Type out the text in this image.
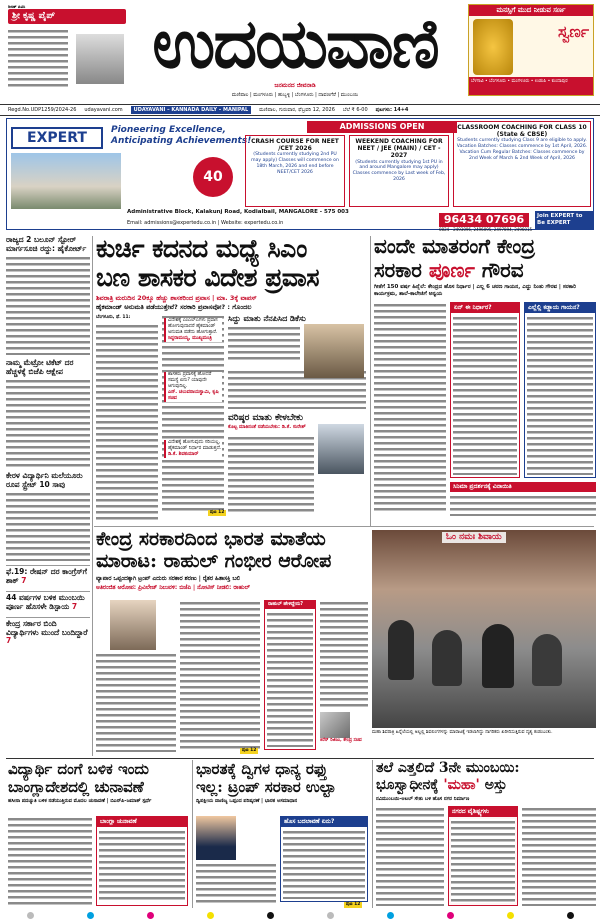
ರಿಜಿಡ್ ಪಿವಿಸಿ
ಶ್ರೀ ಕೃಷ್ಣ ಪೈಪ್	ಉದಯವಾಣಿ
ಜನಮನದ ಜೀವನಾಡಿ
ಮಣಿಪಾಲ | ಮಂಗಳೂರು | ಹುಬ್ಬಳ್ಳಿ | ಬೆಂಗಳೂರು | ದಾವಣಗೆರೆ | ಮುಂಬಯಿ
ಮನಸ್ಸಿಗೆ ಮುದ ನೀಡುವ ಸರ್ಣ
ಸ್ವರ್ಣ
ಬೆಳಗಾವಿ • ಬೆಂಗಳೂರು • ಮಂಗಳೂರು • ಉಡುಪಿ • ಕುಂದಾಪುರ
Regd.No.UDP1259/2024-26 udayavani.com	UDAYAVANI – KANNADA DAILY – MANIPAL	ಮಣಿಪಾಲ, ಗುರುವಾರ, ಫೆಬ್ರವರಿ 12, 2026 ಬೆಲೆ ₹ 6-00 ಪುಟಗಳು: 14+4
ADMISSIONS OPEN
EXPERT	Pioneering Excellence, Anticipating Achievements!
40
CRASH COURSE FOR NEET /CET 2026
(Students currently studying 2nd PU may apply) Classes will commence on 18th March, 2026 and end before NEET/CET 2026
WEEKEND COACHING FOR NEET / JEE (MAIN) / CET - 2027
(Students currently studying 1st PU in and around Mangalore may apply) Classes commence by Last week of Feb, 2026
CLASSROOM COACHING FOR CLASS 10 (State & CBSE)
Students currently studying Class 9 are eligible to apply. Vacation Batches: Classes commence by 1st April, 2026. Vacation Cum Regular Batches: Classes commence by 2nd Week of March & 2nd Week of April, 2026
Administrative Block, Kalakunj Road, Kodialbail, MANGALORE - 575 003
Email: admissions@expertedu.co.in | Website: expertedu.co.in	96434 07696
0824 - 2493096, 2496095, 2497894, 2496015
Join EXPERT to Be EXPERT
ರಾಜ್ಯದ 2 ಬಲೂನ್ ಸ್ಟೋರ್ ಮಾರ್ಗಸೂಚಿ ರದ್ದು: ಹೈಕೋರ್ಟ್
ನಾಮ್ಮ ಮೆಟ್ರೋ ಟಿಕೆಟ್ ದರ ಹೆಚ್ಚಳಕ್ಕೆ ಬಿಜೆಪಿ ಆಕ್ಷೇಪ
ಕೇರಳ ವಿದ್ಯಾರ್ಥಿನಿ ಮಲೆಯೂರು ರೂಪ ಸ್ಟ್ರೇಟ್ 10 ಸಾವು
ಫೆ.19: ರೇಷನ್ ದರ ಕಾಂಗ್ರೆಸ್‌ಗೆ ಶಾಕ್ 7
44 ವರ್ಷಗಳ ಬಳಿಕ ಮುಂಬಯಿ ಪೂರ್ಣ ಹೊಸಳೇ ಡಿಸ್ಪಾಯ 7
ಕೇಂದ್ರ ಸರ್ಕಾರ ಬಿಂದಿ ವಿದ್ಯಾರ್ಥಿಗಳು ಮುಂದೆ ಬಂದಿದ್ದಾರೆ 7
ಕುರ್ಚಿ ಕದನದ ಮಧ್ಯೆ ಸಿಎಂ
ಬಣ ಶಾಸಕರ ವಿದೇಶ ಪ್ರವಾಸ
ಶಿವರಾತ್ರಿ ಮರುದಿನ 20ಕ್ಕೂ ಹೆಚ್ಚು ಶಾಸಕರಿಂದ ಪ್ರವಾಸ | ಮಾ. 3ಕ್ಕೆ ವಾಪಸ್
ಹೈಕಮಾಂಡ್ ಅನುಮತಿ ಪಡೆಯುತ್ತೇವೆ? ಸರಕಾರಿ ಪ್ರವಾಸವೋ? : ಗೊಂದಲ
ಬೆಂಗಳೂರು, ಫೆ. 11:
ವಿದೇಶಕ್ಕೆ ಎಂಎಲ್‌ಎಗಳು ಪ್ರವಾಸ ಹೋಗುವುದಾದರೆ ಹೈಕಮಾಂಡ್ ಅನುಮತಿ ಪಡೆದು ಹೋಗುತ್ತಾರೆ.
ಸಿದ್ದರಾಮಯ್ಯ, ಮುಖ್ಯಮಂತ್ರಿ
ಶಾಸಕರು ಪ್ರವಾಸಕ್ಕೆ ಹೋದರೆ ಸಮಸ್ಯೆ ಏನು? ಯಾವುದೇ ಆಗುವುದಿಲ್ಲ.
ಎನ್. ಚಲುವರಾಯಸ್ವಾಮಿ, ಕೃಷಿ ಸಚಿವ
ವಿದೇಶಕ್ಕೆ ಹೋಗುವುದು ಸರಿಯಲ್ಲ, ಹೈಕಮಾಂಡ್ ನಿರ್ಧಾರ ಮಾಡುತ್ತದೆ.
ಡಿ.ಕೆ. ಶಿವಕುಮಾರ್
ಪುಟ 12
ಸಿದ್ದು ಮಾತು ನೆನಪಿಸಿದ ಡಿಕೆಸು
ವರಿಷ್ಠರ ಮಾತು ಕೇಳಬೇಕು
ಕೊಟ್ಟ ಮಾತಿನಂತೆ ನಡೆಯಬೇಕು: ಡಿ.ಕೆ. ಸುರೇಶ್
ವಂದೇ ಮಾತರಂಗೆ ಕೇಂದ್ರ
ಸರಕಾರ ಪೂರ್ಣ ಗೌರವ
ಗೀತೆಗೆ 150 ವರ್ಷ ಹಿನ್ನೆಲೆ: ಕೇಂದ್ರದ ಹೊಸ ನಿರ್ಧಾರ | ಎಲ್ಲ 6 ಚರಣ ಗಾಯನ, ಎದ್ದು ನಿಂತು ಗೌರವ | ಸರಕಾರಿ ಕಾರ್ಯಕ್ರಮ, ಶಾಲೆ-ಕಾಲೇಜಿಗೆ ಅನ್ವಯ
ಏನ್ ಈ ನಿರ್ಧಾರ?	ಎಲ್ಲೆಲ್ಲಿ ಕಡ್ಡಾಯ ಗಾಯನ?
ಸಿನಿಮಾ ಪ್ರದರ್ಶನಕ್ಕೆ ವಿನಾಯಿತಿ
ಕೇಂದ್ರ ಸರಕಾರದಿಂದ ಭಾರತ ಮಾತೆಯ
ಮಾರಾಟ: ರಾಹುಲ್ ಗಂಭೀರ ಆರೋಪ
ವ್ಯಾಪಾರ ಒಪ್ಪಂದಕ್ಕಾಗಿ ಟ್ರಂಪ್ ಎದುರು ಸರಕಾರ ಶರಣು | ರೈತರ ಹಿತಾಸಕ್ತಿ ಬಲಿ
ಅತಿರಂಜಿತ ಅರೋಪ: ಪ್ರಿವಿಲೇಜ್ ನಿಲುವಳಿ: ಬಿಜೆಪಿ | ನೋಟಿಸ್ ನೀಡಲಿ: ರಾಹುಲ್
ಪುಟ 12
ರಾಹುಲ್ ಹೇಳಿದ್ದೇನು?
ಕಿರೆನ್ ರಿಜಿಜು, ಕೇಂದ್ರ ಸಚಿವ
ಓಂ ನಮಃ ಶಿವಾಯ
ಮಹಾ ಶಿವರಾತ್ರಿ ಹಿನ್ನೆಲೆಯಲ್ಲಿ ಅಲ್ಲಲ್ಲಿ ಶಿವಲಿಂಗಗಳನ್ನು ಮಾರಾಟಕ್ಕೆ ಇಡಲಾಗಿದ್ದು ನಾಗರಿಕರು ಖರೀದಿಸುತ್ತಿರುವ ದೃಶ್ಯ ಕಂಡುಬಂತು.
ವಿದ್ಯಾರ್ಥಿ ದಂಗೆ ಬಳಿಕ ಇಂದು
ಬಾಂಗ್ಲಾದೇಶದಲ್ಲಿ ಚುನಾವಣೆ
ಹಸೀನಾ ಪದಚ್ಯುತಿ ಬಳಿಕ ನಡೆಯುತ್ತಿರುವ ಮೊದಲ ಚುನಾವಣೆ | ಬಿಎನ್‌ಪಿ-ಜಮಾತ್ ಸ್ಪರ್ಧೆ
ಬಾಂಗ್ಲಾ ಚುನಾವಣೆ
ಭಾರತಕ್ಕೆ ದ್ವಿಗಳ ಧಾನ್ಯ ರಫ್ತು
ಇಲ್ಲ: ಟ್ರಂಪ್ ಸರಕಾರ ಉಲ್ಟಾ
ದ್ವಿಪಕ್ಷೀಯ ವಾಣಿಜ್ಯ ಒಪ್ಪಂದ ಪರಿಷ್ಕರಣೆ | ಭಾರತ ಅಸಮಾಧಾನ
ಹೊಸ ಬದಲಾವಣೆ ಏನು?
ಪುಟ 12
ತಲೆ ಎತ್ತಲಿದೆ 3ನೇ ಮುಂಬಯಿ:
ಭೂಸ್ವಾಧೀನಕ್ಕೆ 'ಮಹಾ' ಅಸ್ತು
ನವಿಮುಂಬಯಿ-ಅಟಲ್ ಸೇತು ಬಳಿ ಹೊಸ ನಗರ ನಿರ್ಮಾಣ
ನಗರದ ವೈಶಿಷ್ಟ್ಯಗಳು
